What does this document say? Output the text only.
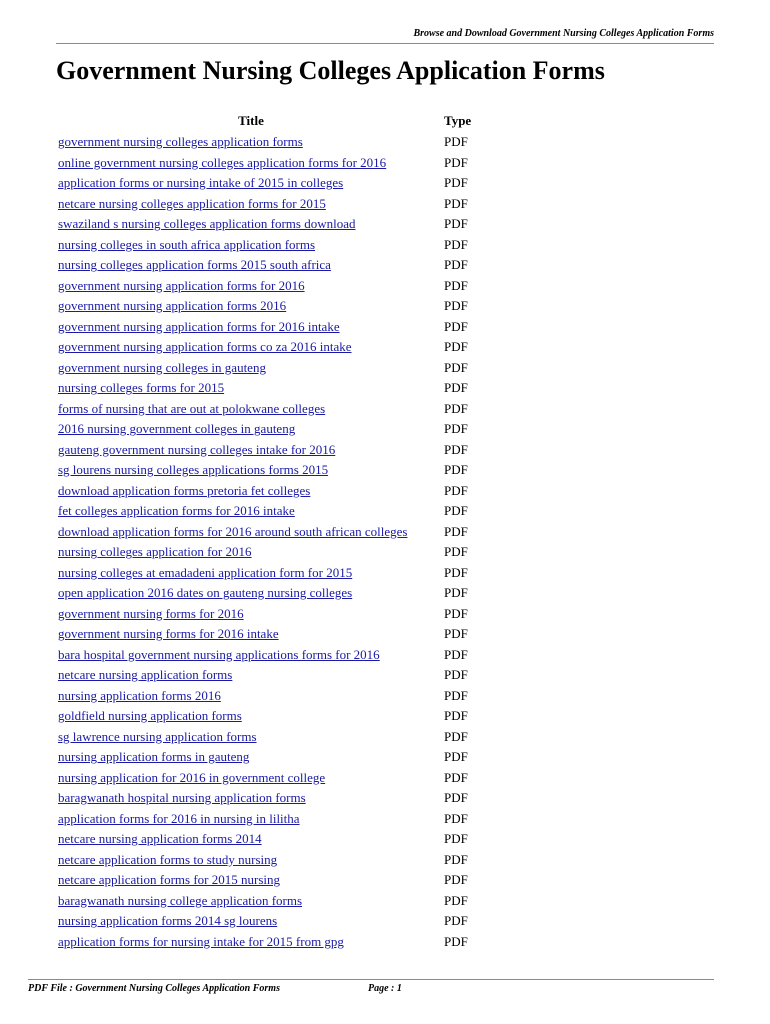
Browse and Download Government Nursing Colleges Application Forms
Government Nursing Colleges Application Forms
Title	Type
government nursing colleges application forms	PDF
online government nursing colleges application forms for 2016	PDF
application forms or nursing intake of 2015 in colleges	PDF
netcare nursing colleges application forms for 2015	PDF
swaziland s nursing colleges application forms download	PDF
nursing colleges in south africa application forms	PDF
nursing colleges application forms 2015 south africa	PDF
government nursing application forms for 2016	PDF
government nursing application forms 2016	PDF
government nursing application forms for 2016 intake	PDF
government nursing application forms co za 2016 intake	PDF
government nursing colleges in gauteng	PDF
nursing colleges forms for 2015	PDF
forms of nursing that are out at polokwane colleges	PDF
2016 nursing government colleges in gauteng	PDF
gauteng government nursing colleges intake for 2016	PDF
sg lourens nursing colleges applications forms 2015	PDF
download application forms pretoria fet colleges	PDF
fet colleges application forms for 2016 intake	PDF
download application forms for 2016 around south african colleges	PDF
nursing colleges application for 2016	PDF
nursing colleges at emadadeni application form for 2015	PDF
open application 2016 dates on gauteng nursing colleges	PDF
government nursing forms for 2016	PDF
government nursing forms for 2016 intake	PDF
bara hospital government nursing applications forms for 2016	PDF
netcare nursing application forms	PDF
nursing application forms 2016	PDF
goldfield nursing application forms	PDF
sg lawrence nursing application forms	PDF
nursing application forms in gauteng	PDF
nursing application for 2016 in government college	PDF
baragwanath hospital nursing application forms	PDF
application forms for 2016 in nursing in lilitha	PDF
netcare nursing application forms 2014	PDF
netcare application forms to study nursing	PDF
netcare application forms for 2015 nursing	PDF
baragwanath nursing college application forms	PDF
nursing application forms 2014 sg lourens	PDF
application forms for nursing intake for 2015 from gpg	PDF
PDF File : Government Nursing Colleges Application Forms	Page : 1
